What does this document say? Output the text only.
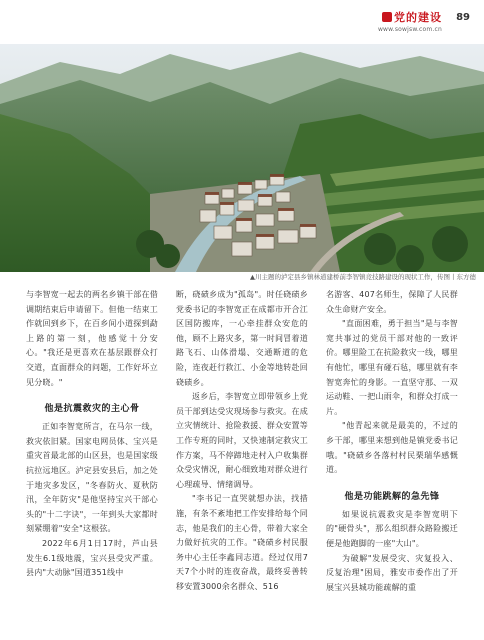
党的建设
www.sowjsw.com.cn
89
▲川主题的泸定县乡镇林道建桥前李智镇竞技路建设的现状工作，传图丨东方德

与李智宽一起去的两名乡镇干部在借调期结束后申请留下。但他一结束工作就回到乡下，在百乡间小道探到勐上路的第一刻，他感觉十分安心。"我还是更喜欢在基层跟群众打交道，直面群众的问题，工作好坏立见分晓。"

他是抗震救灾的主心骨

正如李智宽所言，在马尔一线，救灾依旧紧。国家电网员体、宝兴是重灾首最北部的山区县，也是国家级抗拉远地区。泸定县安县后，加之处于地灾多发区，"冬春防火、夏秋防汛，全年防灾"是他坚持宝兴干部心头的"十二字诀"，一年到头大家都时刻紧绷着"安全"这根弦。

2022年6月1日17时，芦山县发生6.1级地震，宝兴县受灾严重。县内"大动脉"国道351线中

断，硗碛乡成为"孤岛"。时任硗碛乡党委书记的李智宽正在成都市开合江区国防搬库，一心牵挂群众安危的他，顾不上路灾多，第一时间冒着道路飞石、山体滑塌、交通断道的危险，连夜赶行救江、小金等地转赴回硗碛乡。

返乡后，李智宽立即带领乡上党员干部到达受灾现场参与救灾。在成立灾情统计、抢险救援、群众安置等工作专班的同时，又快速制定救灾工作方案，马不停蹄地走村入户收集群众受灾情况，耐心细致地对群众进行心理疏导、情绪调导。

"李书记一直哭就想办法，找措施，有条不紊地把工作安排给每个同志，他是我们的主心骨，带着大家全力做好抗灾的工作。"硗碛乡村民服务中心主任李鑫同志道。经过仅用7天7个小时的连夜奋战，最终妥善转移安置3000余名群众、516

名游客、407名师生，保障了人民群众生命财产安全。

"直面困难，勇于担当"是与李智宽共事过的党员干部对他的一致评价。哪里险工在抗险救灾一线，哪里有他忙，哪里有碰石毡，哪里就有李智宽奔忙的身影。一直坚守那、一双运动鞋、一把山雨伞，和群众打成一片。

"他青起来就是最美的，不过的乡干部，哪里来想到他是镇党委书记哦。"硗碛乡各落村村民栗瑞华感慨道。

他是功能跳解的急先锋

如果说抗震救灾是李智宽明下的"硬骨头"，那么组织群众路险搬迁便是他跑脚的一座"大山"。

为破解"发展受灾、灾复投入、反复治理"困局，雅安市委作出了开展宝兴县城功能疏解的重
